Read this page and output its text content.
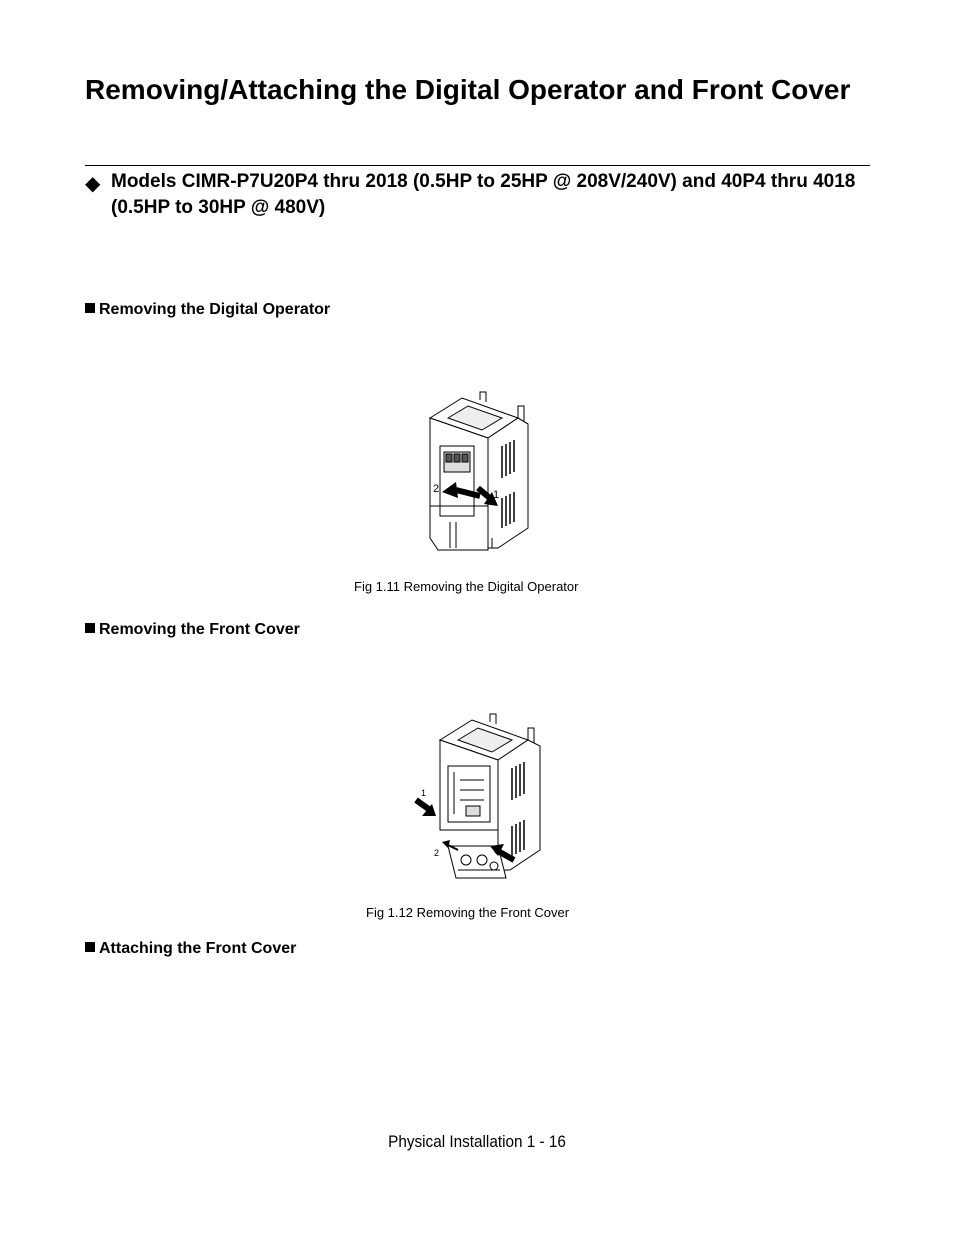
Removing/Attaching the Digital Operator and Front Cover
◆ Models CIMR-P7U20P4 thru 2018 (0.5HP to 25HP @ 208V/240V) and 40P4 thru 4018 (0.5HP to 30HP @ 480V)
Removing the Digital Operator
2	1
Fig 1.11 Removing the Digital Operator
Removing the Front Cover
1
2
Fig 1.12 Removing the Front Cover
Attaching the Front Cover
Physical Installation 1 - 16
